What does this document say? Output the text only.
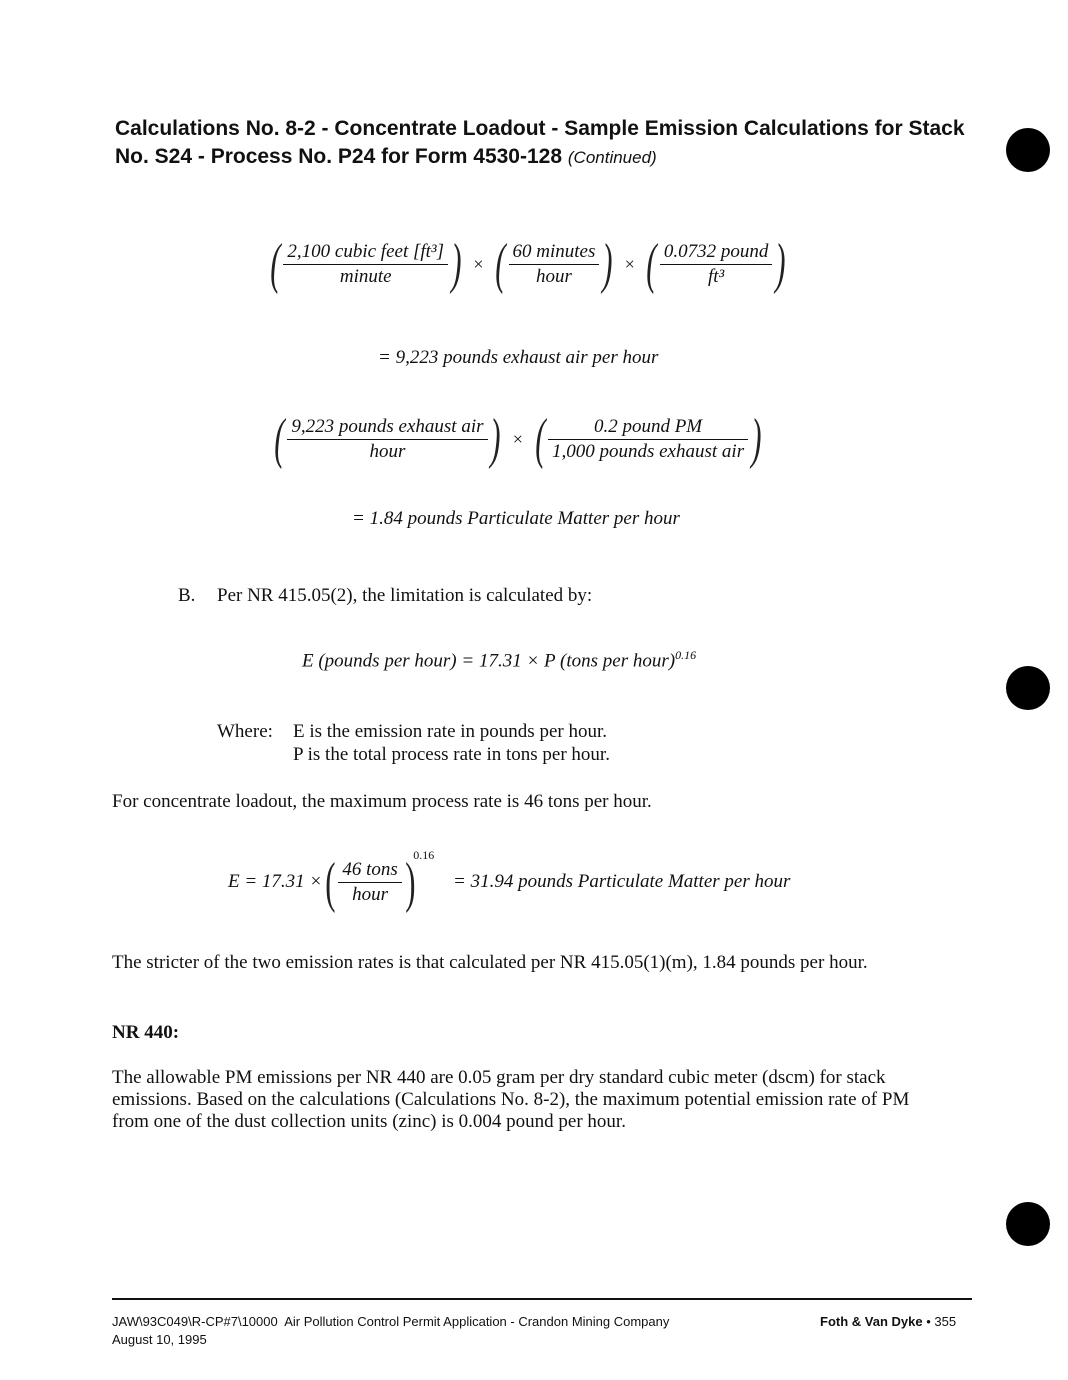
Calculations No. 8-2 - Concentrate Loadout - Sample Emission Calculations for Stack No. S24 - Process No. P24 for Form 4530-128 (Continued)
( $\frac{\text{2,100 cubic feet [ft³]}}{\text{minute}}$ ) × ( $\frac{\text{60 minutes}}{\text{hour}}$ ) × ( $\frac{\text{0.0732 pound}}{\text{ft³}}$ )
= 9,223 pounds exhaust air per hour
( $\frac{\text{9,223 pounds exhaust air}}{\text{hour}}$ ) × ( $\frac{\text{0.2 pound PM}}{\text{1,000 pounds exhaust air}}$ )
= 1.84 pounds Particulate Matter per hour
B. Per NR 415.05(2), the limitation is calculated by:
E (pounds per hour) = 17.31 × P (tons per hour)$^{0.16}$
Where: E is the emission rate in pounds per hour.
P is the total process rate in tons per hour.
For concentrate loadout, the maximum process rate is 46 tons per hour.
E = 17.31 × ( $\frac{\text{46 tons}}{\text{hour}} )^{0.16} = 31.94$ pounds Particulate Matter per hour
The stricter of the two emission rates is that calculated per NR 415.05(1)(m), 1.84 pounds per hour.
NR 440:
The allowable PM emissions per NR 440 are 0.05 gram per dry standard cubic meter (dscm) for stack emissions. Based on the calculations (Calculations No. 8-2), the maximum potential emission rate of PM from one of the dust collection units (zinc) is 0.004 pound per hour.
JAW\93C049\R-CP#7\10000 Air Pollution Control Permit Application - Crandon Mining Company
August 10, 1995
Foth & Van Dyke • 355
